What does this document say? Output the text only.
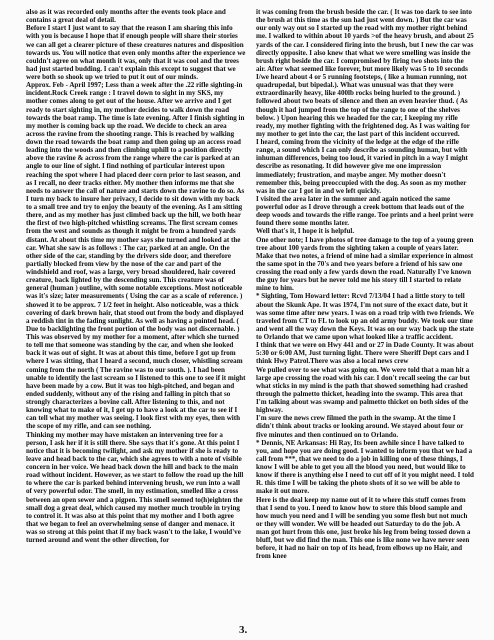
also as it was recorded only months after the events took place and contains a great deal of detail.

Before I start I just want to say that the reason I am sharing this info with you is because I hope that if enough people will share their stories we can all get a clearer picture of these creatures natures and disposition towards us. You will notice that even only months after the experience we couldn't agree on what month it was, only that it was cool and the trees had just started budding. I can't explain this except to suggest that we were both so shook up we tried to put it out of our minds.

Approx. Feb - April 1997; Less than a week after the .22 rifle sighting-in incident.Rock Creek range : I travel down to sight in my SKS, my mother comes along to get out of the house. After we arrive and I get ready to start sighting in, my mother decides to walk down the road towards the boat ramp. The time is late evening. After I finish sighting in my mother is coming back up the road. We decide to check an area across the ravine from the shooting range. This is reached by walking down the road towards the boat ramp and then going up an access road leading into the woods and then climbing uphill to a position directly above the ravine & across from the range where the car is parked at an angle to our line of sight. I find nothing of particular interest upon reaching the spot where I had placed deer corn prior to last season, and as I recall, no deer tracks either. My mother then informs me that she needs to answer the call of nature and starts down the ravine to do so. As I turn my back to insure her privacy, I decide to sit down with my back to a small tree and try to enjoy the beauty of the evening. As I am sitting there, and as my mother has just climbed back up the hill, we both hear the first of two high-pitched whistling screams. The first scream comes from the west and sounds as though it might be from a hundred yards distant. At about this time my mother says she turned and looked at the car. What she saw is as follows : The car, parked at an angle. On the other side of the car, standing by the drivers side door, and therefore partially blocked from view by the nose of the car and part of the windshield and roof, was a large, very broad shouldered, hair covered creature, back lighted by the descending sun. This creature was of general (human ) outline, with some notable exceptions. Most noticeable was it's size; later measurements ( Using the car as a scale of reference. ) showed it to be approx. 7 1/2 feet in height. Also noticeable, was a thick covering of dark brown hair, that stood out from the body and displayed a reddish tint in the fading sunlight. As well as having a pointed head. ( Due to backlighting the front portion of the body was not discernable. ) This was observed by my mother for a moment, after which she turned to tell me that someone was standing by the car, and when she looked back it was out of sight. It was at about this time, before I got up from where I was sitting, that I heard a second, much closer, whistling scream coming from the north ( The ravine was to our south. ). I had been unable to identify the last scream so I listened to this one to see if it might have been made by a cow. But it was too high-pitched, and began and ended suddenly, without any of the rising and falling in pitch that so strongly characterizes a bovine call. After listening to this, and not knowing what to make of it, I get up to have a look at the car to see if I can tell what my mother was seeing. I look first with my eyes, then with the scope of my rifle, and can see nothing.

Thinking my mother may have mistaken an intervening tree for a person, I ask her if it is still there. She says that it's gone. At this point I notice that it is becoming twilight, and ask my mother if she is ready to leave and head back to the car, which she agrees to with a note of visible concern in her voice. We head back down the hill and back to the main road without incident. However, as we start to follow the road up the hill to where the car is parked behind intervening brush, we run into a wall of very powerful odor. The smell, in my estimation, smelled like a cross between an open sewer and a pigpen. This smell seemed to(h)eighten the small dog a great deal, which caused my mother much trouble in trying to control it. It was also at this point that my mother and I both agree that we began to feel an overwhelming sense of danger and menace. it was so strong at this point that if my back wasn't to the lake, I would've turned around and went the other direction, for

it was coming from the brush beside the car. ( It was too dark to see into the brush at this time as the sun had just went down. ) But the car was our only way out so I started up the road with my mother right behind me. I walked to within about 10 yards >of the heavy brush, and about 25 yards of the car. I considered firing into the brush, but I new the car was directly opposite. I also knew that what we were smelling was inside the brush right beside the car. I compromised by firing two shots into the air. After what seemed like forever, but more likely was 5 to 10 seconds I/we heard about 4 or 5 running footsteps, ( like a human running, not quadrupedal, but bipedal.). What was unusual was that they were extraordinarily heavy, like 400lb rocks being hurled to the ground. ) followed about two beats of silence and then an even heavier thud. ( As though it had jumped from the top of the range to one of the shelves below. ) Upon hearing this we headed for the car, I keeping my rifle ready, my mother fighting with the frightened dog. As I was waiting for my mother to get into the car, the last part of this incident occurred.

I heard, coming from the vicinity of the ledge at the edge of the rifle range, a sound which I can only describe as sounding human, but with inhuman differences, being too loud, it varied in pitch in a way I might describe as resonating. It did however give me one impression immediately; frustration, and maybe anger. My mother doesn't remember this, being preoccupied with the dog. As soon as my mother was in the car I got in and we left quickly.

I visited the area later in the summer and again noticed the same powerful odor as I drove through a creek bottom that leads out of the deep woods and towards the rifle range. Toe prints and a heel print were found there some months later.

Well that's it, I hope it is helpful.

One other note; I have photos of tree damage to the top of a young green tree about 100 yards from the sighting taken a couple of years later. Make that two notes, a friend of mine had a similar experience in almost the same spot in the 70's and two years before a friend of his saw one crossing the road only a few yards down the road. Naturally I've known the guy for years but he never told me his story till I started to relate mine to him.

* Sighting, Tom Howard letter: Rcvd 7/13/04 I had a little story to tell about the Skunk Ape. It was 1974, I'm not sure of the exact date, but it was some time after new years. I was on a road trip with two friends. We traveled from CT to FL to look up an old army buddy. We took our time and went all the way down the Keys. It was on our way back up the state to Orlando that we came upon what looked like a traffic accident.

I think that we were on Hwy 441 and or 27 in Dade County. It was about 5:30 or 6:00 AM, Just turning light. There were Sheriff Dept cars and I think Hwy Patrol.There was also a local news crew

We pulled over to see what was going on. We were told that a man hit a large ape crossing the road with his car. I don't recall seeing the car but what sticks in my mind is the path that showed something had crashed through the palmetto thicket, heading into the swamp. This area that I'm talking about was swamp and palmetto thicket on both sides of the highway.

I'm sure the news crew filmed the path in the swamp. At the time I didn't think about tracks or looking around. We stayed about four or five minutes and then continued on to Orlando.

* Dennis, NE Arkansas: Hi Ray, Its been awhile since I have talked to you, and hope you are doing good. I wanted to inform you that we had a call from ***, that we need to do a job in killing one of these things, I know I will be able to get you all the blood you need, but would like to know if there is anything else I need to cut off of it you might need. I told R. this time I will be taking the photo shots of it so we will be able to make it out more.

Here is the deal keep my name out of it to where this stuff comes from that I send to you. I need to know how to store this blood sample and how much you need and I will be sending you some flesh but not much or they will wonder. We will be headed out Saturday to do the job. A man got hurt from this one, just broke his leg from being tossed down a bluff, but we did find the man. This one is like none we have never seen before, it had no hair on top of its head, from elbows up no Hair, and from knee

3.
